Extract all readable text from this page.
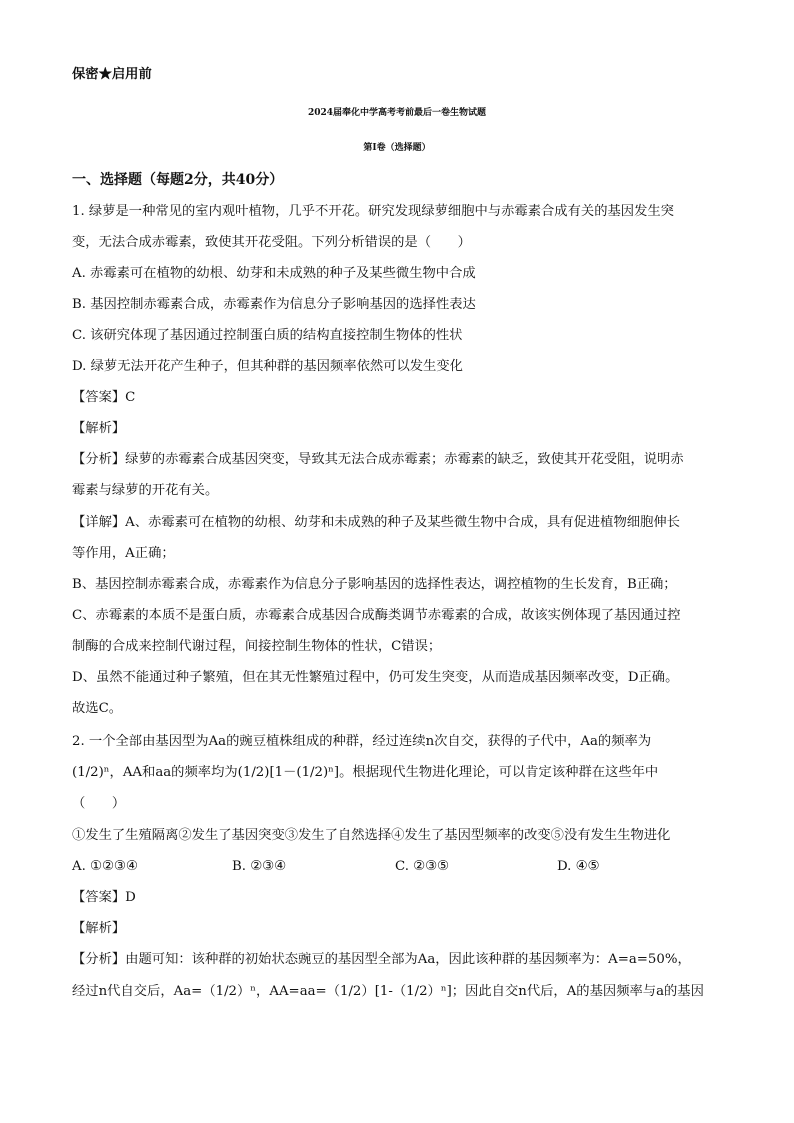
保密★启用前
2024届奉化中学高考考前最后一卷生物试题
第I卷（选择题）
一、选择题（每题2分，共40分）
1. 绿萝是一种常见的室内观叶植物，几乎不开花。研究发现绿萝细胞中与赤霉素合成有关的基因发生突
变，无法合成赤霉素，致使其开花受阻。下列分析错误的是（　　）
A. 赤霉素可在植物的幼根、幼芽和未成熟的种子及某些微生物中合成
B. 基因控制赤霉素合成，赤霉素作为信息分子影响基因的选择性表达
C. 该研究体现了基因通过控制蛋白质的结构直接控制生物体的性状
D. 绿萝无法开花产生种子，但其种群的基因频率依然可以发生变化
【答案】C
【解析】
【分析】绿萝的赤霉素合成基因突变，导致其无法合成赤霉素；赤霉素的缺乏，致使其开花受阻，说明赤
霉素与绿萝的开花有关。
【详解】A、赤霉素可在植物的幼根、幼芽和未成熟的种子及某些微生物中合成，具有促进植物细胞伸长
等作用，A正确；
B、基因控制赤霉素合成，赤霉素作为信息分子影响基因的选择性表达，调控植物的生长发育，B正确；
C、赤霉素的本质不是蛋白质，赤霉素合成基因合成酶类调节赤霉素的合成，故该实例体现了基因通过控
制酶的合成来控制代谢过程，间接控制生物体的性状，C错误；
D、虽然不能通过种子繁殖，但在其无性繁殖过程中，仍可发生突变，从而造成基因频率改变，D正确。
故选C。
2. 一个全部由基因型为Aa的豌豆植株组成的种群，经过连续n次自交，获得的子代中，Aa的频率为
(1/2)ⁿ，AA和aa的频率均为(1/2)[1－(1/2)ⁿ]。根据现代生物进化理论，可以肯定该种群在这些年中
（　　）
①发生了生殖隔离②发生了基因突变③发生了自然选择④发生了基因型频率的改变⑤没有发生生物进化
A. ①②③④	B. ②③④	C. ②③⑤	D. ④⑤
【答案】D
【解析】
【分析】由题可知：该种群的初始状态豌豆的基因型全部为Aa，因此该种群的基因频率为：A=a=50%，
经过n代自交后，Aa=（1/2）ⁿ，AA=aa=（1/2）[1-（1/2）ⁿ]；因此自交n代后，A的基因频率与a的基因
